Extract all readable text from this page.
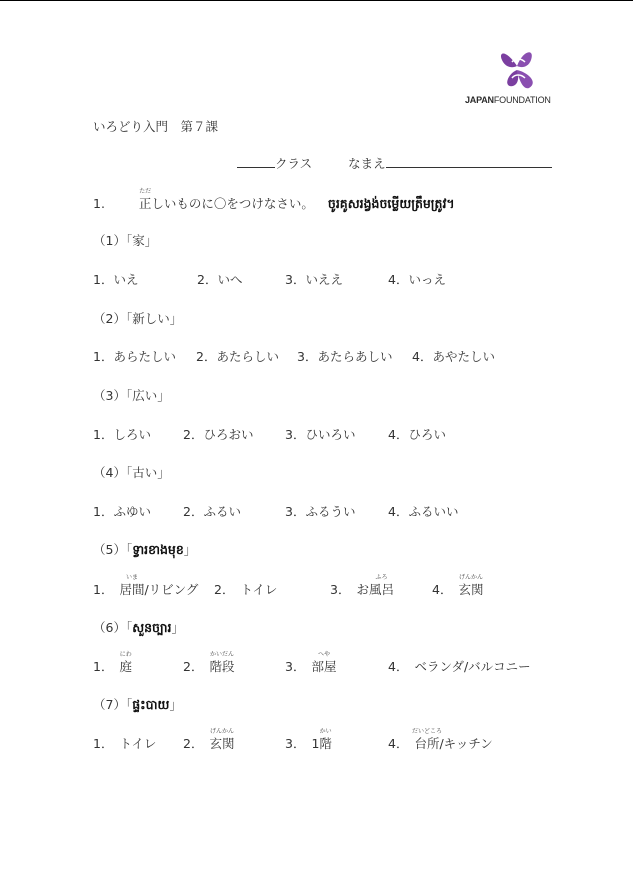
JAPANFOUNDATION
いろどり入門　第７課
クラス	なまえ
1.
ただ
正しいものに〇をつけなさい。 ចូរគូសរង្វង់ចម្លើយត្រឹមត្រូវ។
（1）「家」
1．いえ	2．いへ	3．いええ	4．いっえ
（2）「新しい」
1．あらたしい 2．あたらしい 3．あたらあしい 4．あやたしい
（3）「広い」
1．しろい	2．ひろおい	3．ひいろい	4．ひろい
（4）「古い」
1．ふゆい	2．ふるい	3．ふるうい	4．ふるいい
（5）「ទ្វារខាងមុខ」
1．
いま
居間/リビング 2． トイレ	3． お
ふろ
風呂	4．
げんかん
玄関
（6）「សួនច្បារ」
1．
にわ
庭	2．
かいだん
階段	3．
へや
部屋	4． ベランダ/バルコニー
（7）「ផ្ទះបាយ」
1． トイレ 2．
げんかん
玄関	3． 1
かい
階	4．
だいどころ
台所/キッチン
